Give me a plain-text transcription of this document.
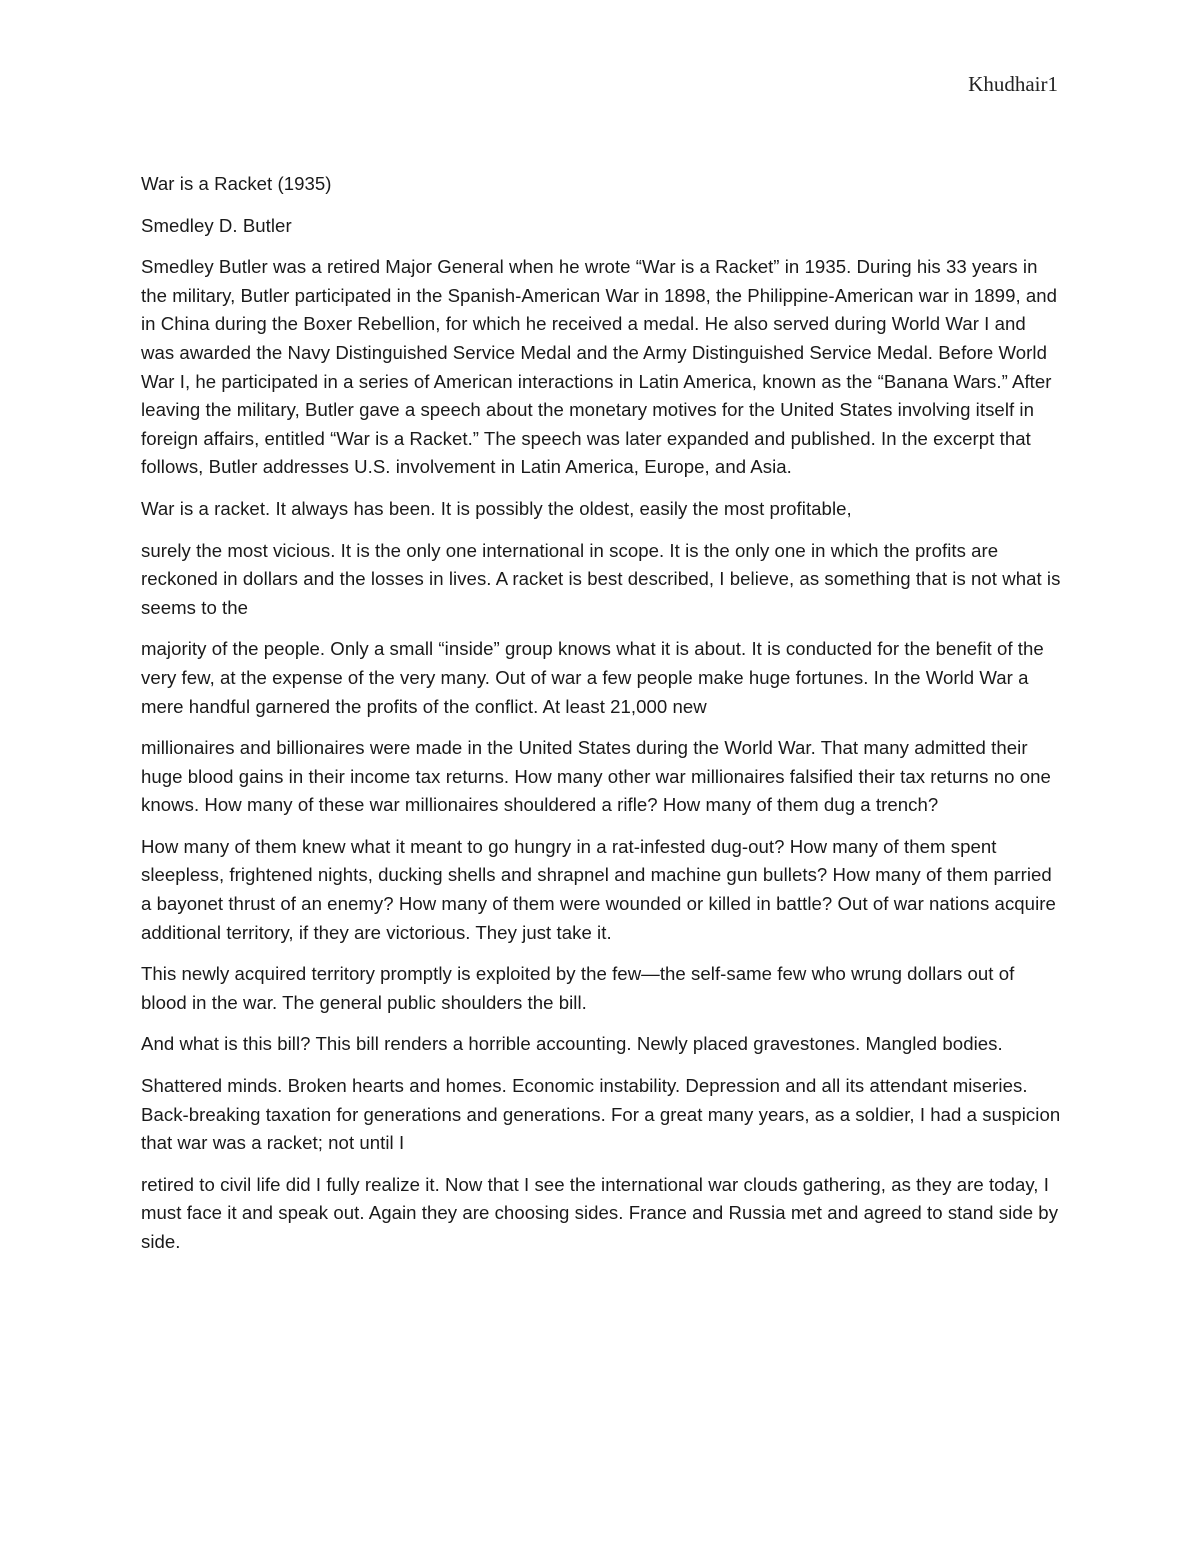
Khudhair1

War is a Racket (1935)

Smedley D. Butler

Smedley Butler was a retired Major General when he wrote “War is a Racket” in 1935. During his 33 years in the military, Butler participated in the Spanish-American War in 1898, the Philippine-American war in 1899, and in China during the Boxer Rebellion, for which he received a medal. He also served during World War I and was awarded the Navy Distinguished Service Medal and the Army Distinguished Service Medal. Before World War I, he participated in a series of American interactions in Latin America, known as the “Banana Wars.” After leaving the military, Butler gave a speech about the monetary motives for the United States involving itself in foreign affairs, entitled “War is a Racket.” The speech was later expanded and published. In the excerpt that follows, Butler addresses U.S. involvement in Latin America, Europe, and Asia.

War is a racket. It always has been. It is possibly the oldest, easily the most profitable,

surely the most vicious. It is the only one international in scope. It is the only one in which the profits are reckoned in dollars and the losses in lives. A racket is best described, I believe, as something that is not what is seems to the

majority of the people. Only a small “inside” group knows what it is about. It is conducted for the benefit of the very few, at the expense of the very many. Out of war a few people make huge fortunes. In the World War a mere handful garnered the profits of the conflict. At least 21,000 new

millionaires and billionaires were made in the United States during the World War. That many admitted their huge blood gains in their income tax returns. How many other war millionaires falsified their tax returns no one knows. How many of these war millionaires shouldered a rifle? How many of them dug a trench?

How many of them knew what it meant to go hungry in a rat-infested dug-out? How many of them spent sleepless, frightened nights, ducking shells and shrapnel and machine gun bullets? How many of them parried a bayonet thrust of an enemy? How many of them were wounded or killed in battle? Out of war nations acquire additional territory, if they are victorious. They just take it.

This newly acquired territory promptly is exploited by the few—the self-same few who wrung dollars out of blood in the war. The general public shoulders the bill.

And what is this bill? This bill renders a horrible accounting. Newly placed gravestones. Mangled bodies.

Shattered minds. Broken hearts and homes. Economic instability. Depression and all its attendant miseries. Back-breaking taxation for generations and generations. For a great many years, as a soldier, I had a suspicion that war was a racket; not until I

retired to civil life did I fully realize it. Now that I see the international war clouds gathering, as they are today, I must face it and speak out. Again they are choosing sides. France and Russia met and agreed to stand side by side.
